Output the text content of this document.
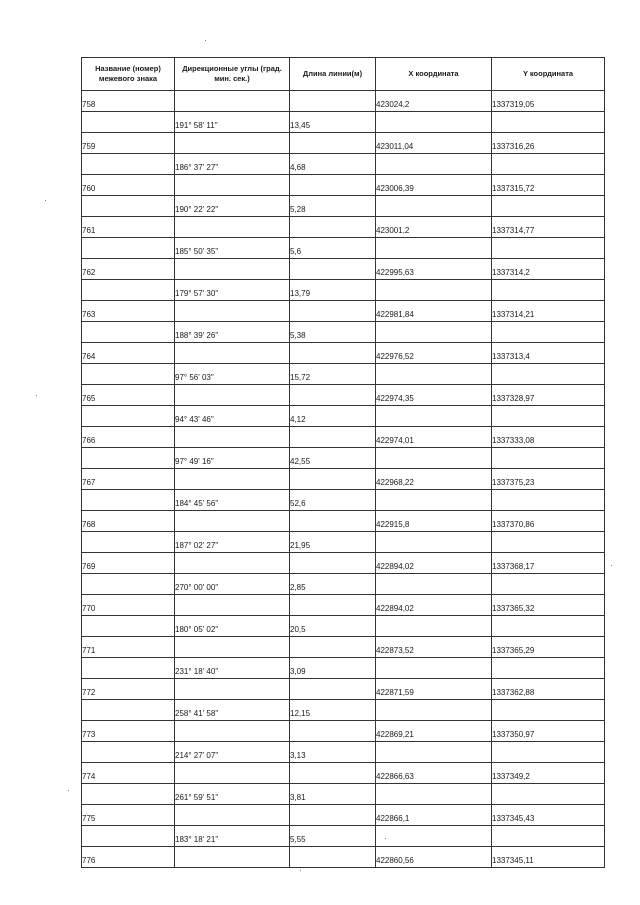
Название (номер) межевого знака	Дирекционные углы (град. мин. сек.)	Длина линии(м)	X координата	Y координата
758			423024,2	1337319,05
	191° 58' 11"	13,45		
759			423011,04	1337316,26
	186° 37' 27"	4,68		
760			423006,39	1337315,72
	190° 22' 22"	5,28		
761			423001,2	1337314,77
	185° 50' 35"	5,6		
762			422995,63	1337314,2
	179° 57' 30"	13,79		
763			422981,84	1337314,21
	188° 39' 26"	5,38		
764			422976,52	1337313,4
	97° 56' 03"	15,72		
765			422974,35	1337328,97
	94° 43' 46"	4,12		
766			422974,01	1337333,08
	97° 49' 16"	42,55		
767			422968,22	1337375,23
	184° 45' 56"	52,6		
768			422915,8	1337370,86
	187° 02' 27"	21,95		
769			422894,02	1337368,17
	270° 00' 00"	2,85		
770			422894,02	1337365,32
	180° 05' 02"	20,5		
771			422873,52	1337365,29
	231° 18' 40"	3,09		
772			422871,59	1337362,88
	258° 41' 58"	12,15		
773			422869,21	1337350,97
	214° 27' 07"	3,13		
774			422866,63	1337349,2
	261° 59' 51"	3,81		
775			422866,1	1337345,43
	183° 18' 21"	5,55		
776			422860,56	1337345,11
